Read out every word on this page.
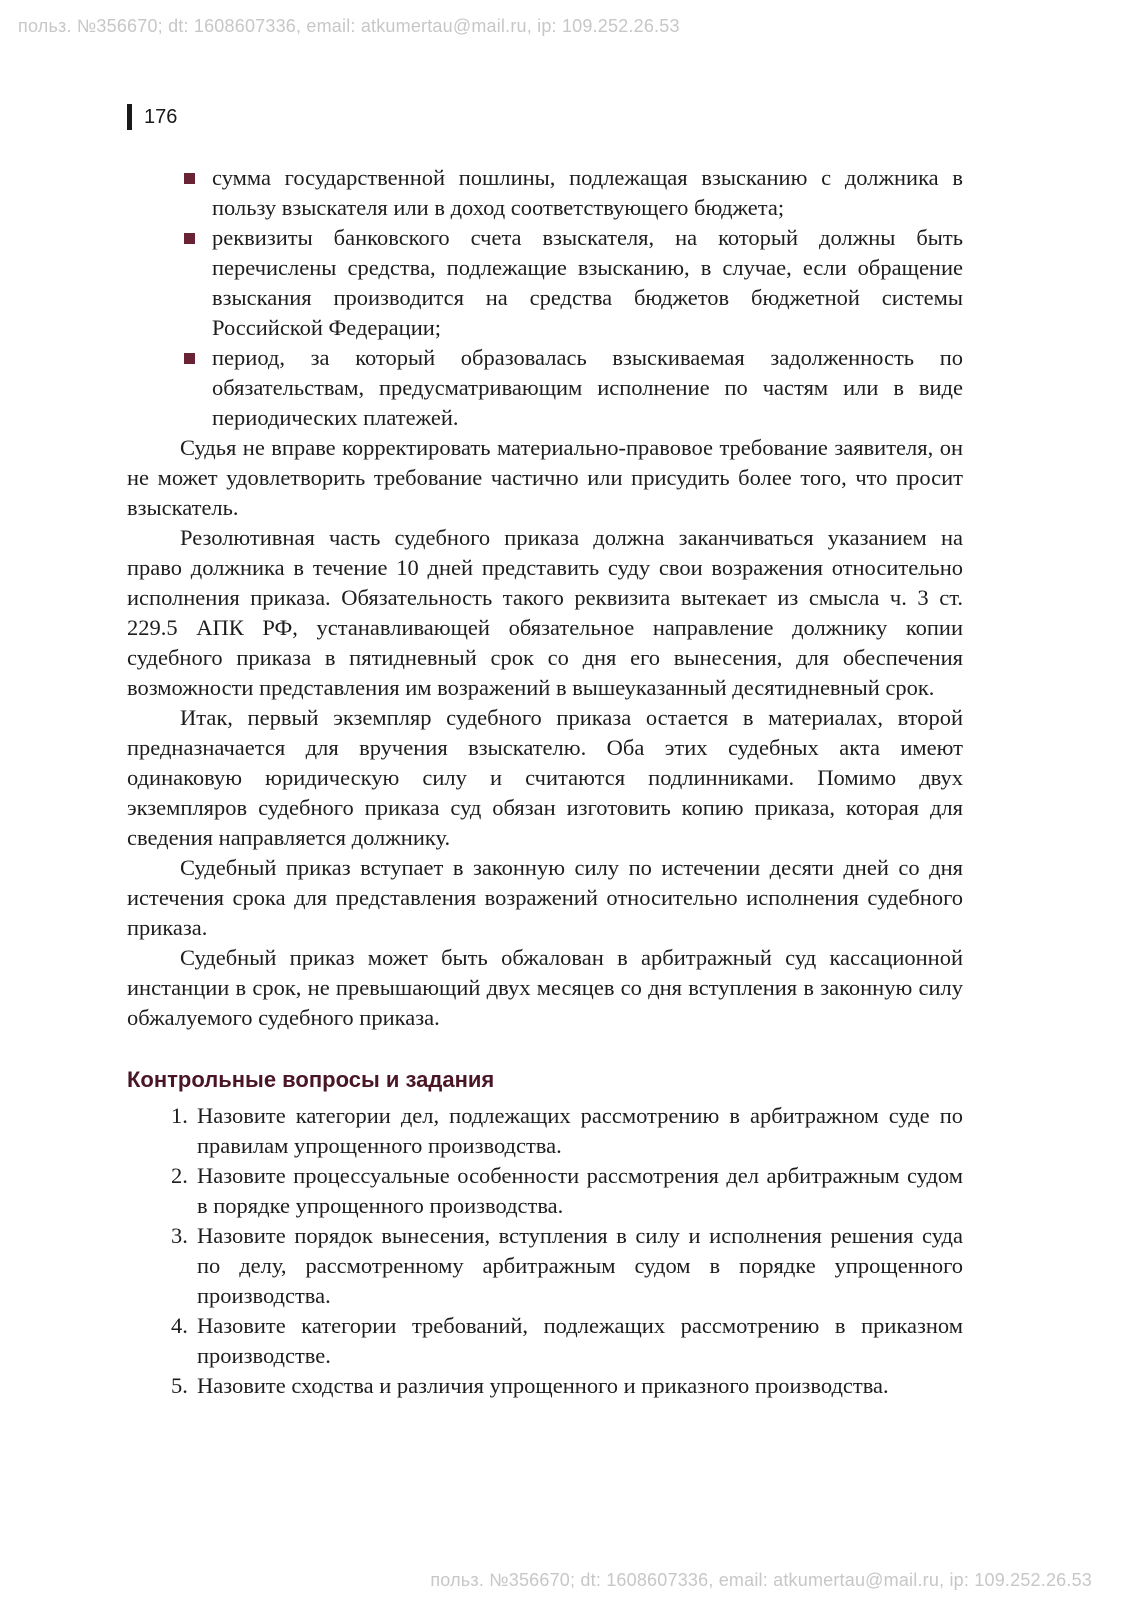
польз. №356670; dt: 1608607336, email: atkumertau@mail.ru, ip: 109.252.26.53
176
сумма государственной пошлины, подлежащая взысканию с должника в пользу взыскателя или в доход соответствующего бюджета;
реквизиты банковского счета взыскателя, на который должны быть перечислены средства, подлежащие взысканию, в случае, если обращение взыскания производится на средства бюджетов бюджетной системы Российской Федерации;
период, за который образовалась взыскиваемая задолженность по обязательствам, предусматривающим исполнение по частям или в виде периодических платежей.

Судья не вправе корректировать материально-правовое требование заявителя, он не может удовлетворить требование частично или присудить более того, что просит взыскатель.

Резолютивная часть судебного приказа должна заканчиваться указанием на право должника в течение 10 дней представить суду свои возражения относительно исполнения приказа. Обязательность такого реквизита вытекает из смысла ч. 3 ст. 229.5 АПК РФ, устанавливающей обязательное направление должнику копии судебного приказа в пятидневный срок со дня его вынесения, для обеспечения возможности представления им возражений в вышеуказанный десятидневный срок.

Итак, первый экземпляр судебного приказа остается в материалах, второй предназначается для вручения взыскателю. Оба этих судебных акта имеют одинаковую юридическую силу и считаются подлинниками. Помимо двух экземпляров судебного приказа суд обязан изготовить копию приказа, которая для сведения направляется должнику.

Судебный приказ вступает в законную силу по истечении десяти дней со дня истечения срока для представления возражений относительно исполнения судебного приказа.

Судебный приказ может быть обжалован в арбитражный суд кассационной инстанции в срок, не превышающий двух месяцев со дня вступления в законную силу обжалуемого судебного приказа.

Контрольные вопросы и задания
1. Назовите категории дел, подлежащих рассмотрению в арбитражном суде по правилам упрощенного производства.
2. Назовите процессуальные особенности рассмотрения дел арбитражным судом в порядке упрощенного производства.
3. Назовите порядок вынесения, вступления в силу и исполнения решения суда по делу, рассмотренному арбитражным судом в порядке упрощенного производства.
4. Назовите категории требований, подлежащих рассмотрению в приказном производстве.
5. Назовите сходства и различия упрощенного и приказного производства.
польз. №356670; dt: 1608607336, email: atkumertau@mail.ru, ip: 109.252.26.53
